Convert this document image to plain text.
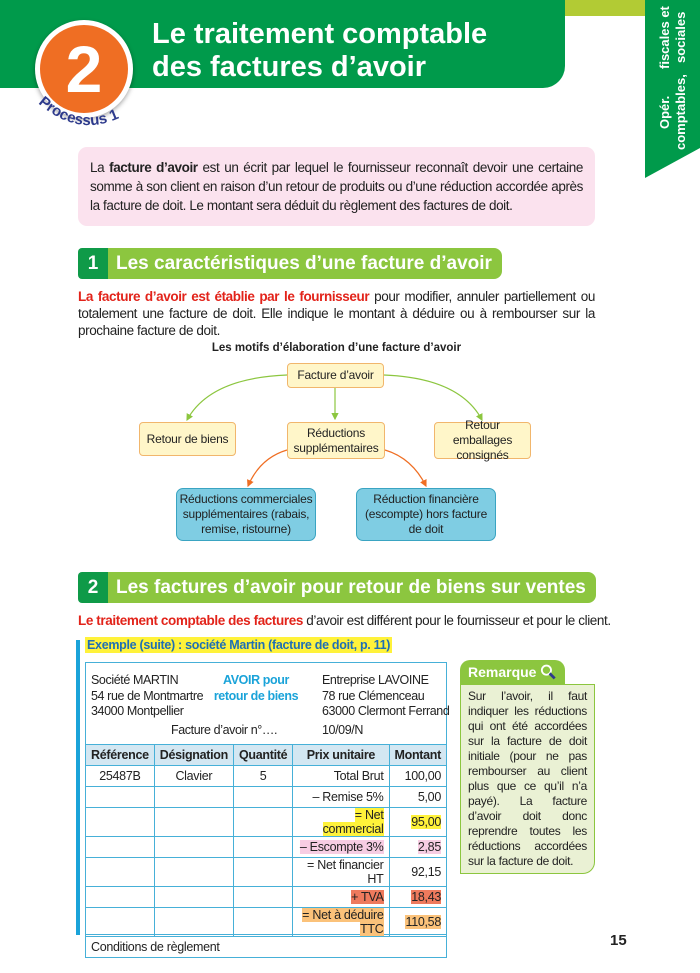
Opér. comptables,
fiscales et sociales
2	Le traitement comptable
des factures d’avoir
Processus 1
La facture d’avoir est un écrit par lequel le fournisseur reconnaît devoir une certaine somme à son client en raison d’un retour de produits ou d’une réduction accordée après la facture de doit. Le montant sera déduit du règlement des factures de doit.
1 Les caractéristiques d’une facture d’avoir
La facture d’avoir est établie par le fournisseur pour modifier, annuler partiellement ou totalement une facture de doit. Elle indique le montant à déduire ou à rembourser sur la prochaine facture de doit.
Les motifs d’élaboration d’une facture d’avoir
Facture d’avoir
Retour de biens	Réductions supplémentaires
Retour emballages consignés
Réductions commerciales supplémentaires (rabais, remise, ristourne)
Réduction financière (escompte) hors facture de doit
2 Les factures d’avoir pour retour de biens sur ventes
Le traitement comptable des factures d’avoir est différent pour le fournisseur et pour le client.
Exemple (suite) : société Martin (facture de doit, p. 11)
Société MARTIN
54 rue de Montmartre
34000 Montpellier
AVOIR pour retour de biens
Entreprise LAVOINE
78 rue Clémenceau
63000 Clermont Ferrand
Facture d’avoir n°….	10/09/N
Référence	Désignation	Quantité	Prix unitaire	Montant
25487B	Clavier	5	Total Brut	100,00
			– Remise 5%	5,00
			= Net commercial	95,00
			– Escompte 3%	2,85
			= Net financier HT	92,15
			+ TVA	18,43
			= Net à déduire TTC	110,58
Conditions de règlement				
Remarque
Sur l’avoir, il faut indiquer les réductions qui ont été accordées sur la facture de doit initiale (pour ne pas rembourser au client plus que ce qu’il n’a payé). La facture d’avoir doit donc reprendre toutes les réductions accordées sur la facture de doit.
15
